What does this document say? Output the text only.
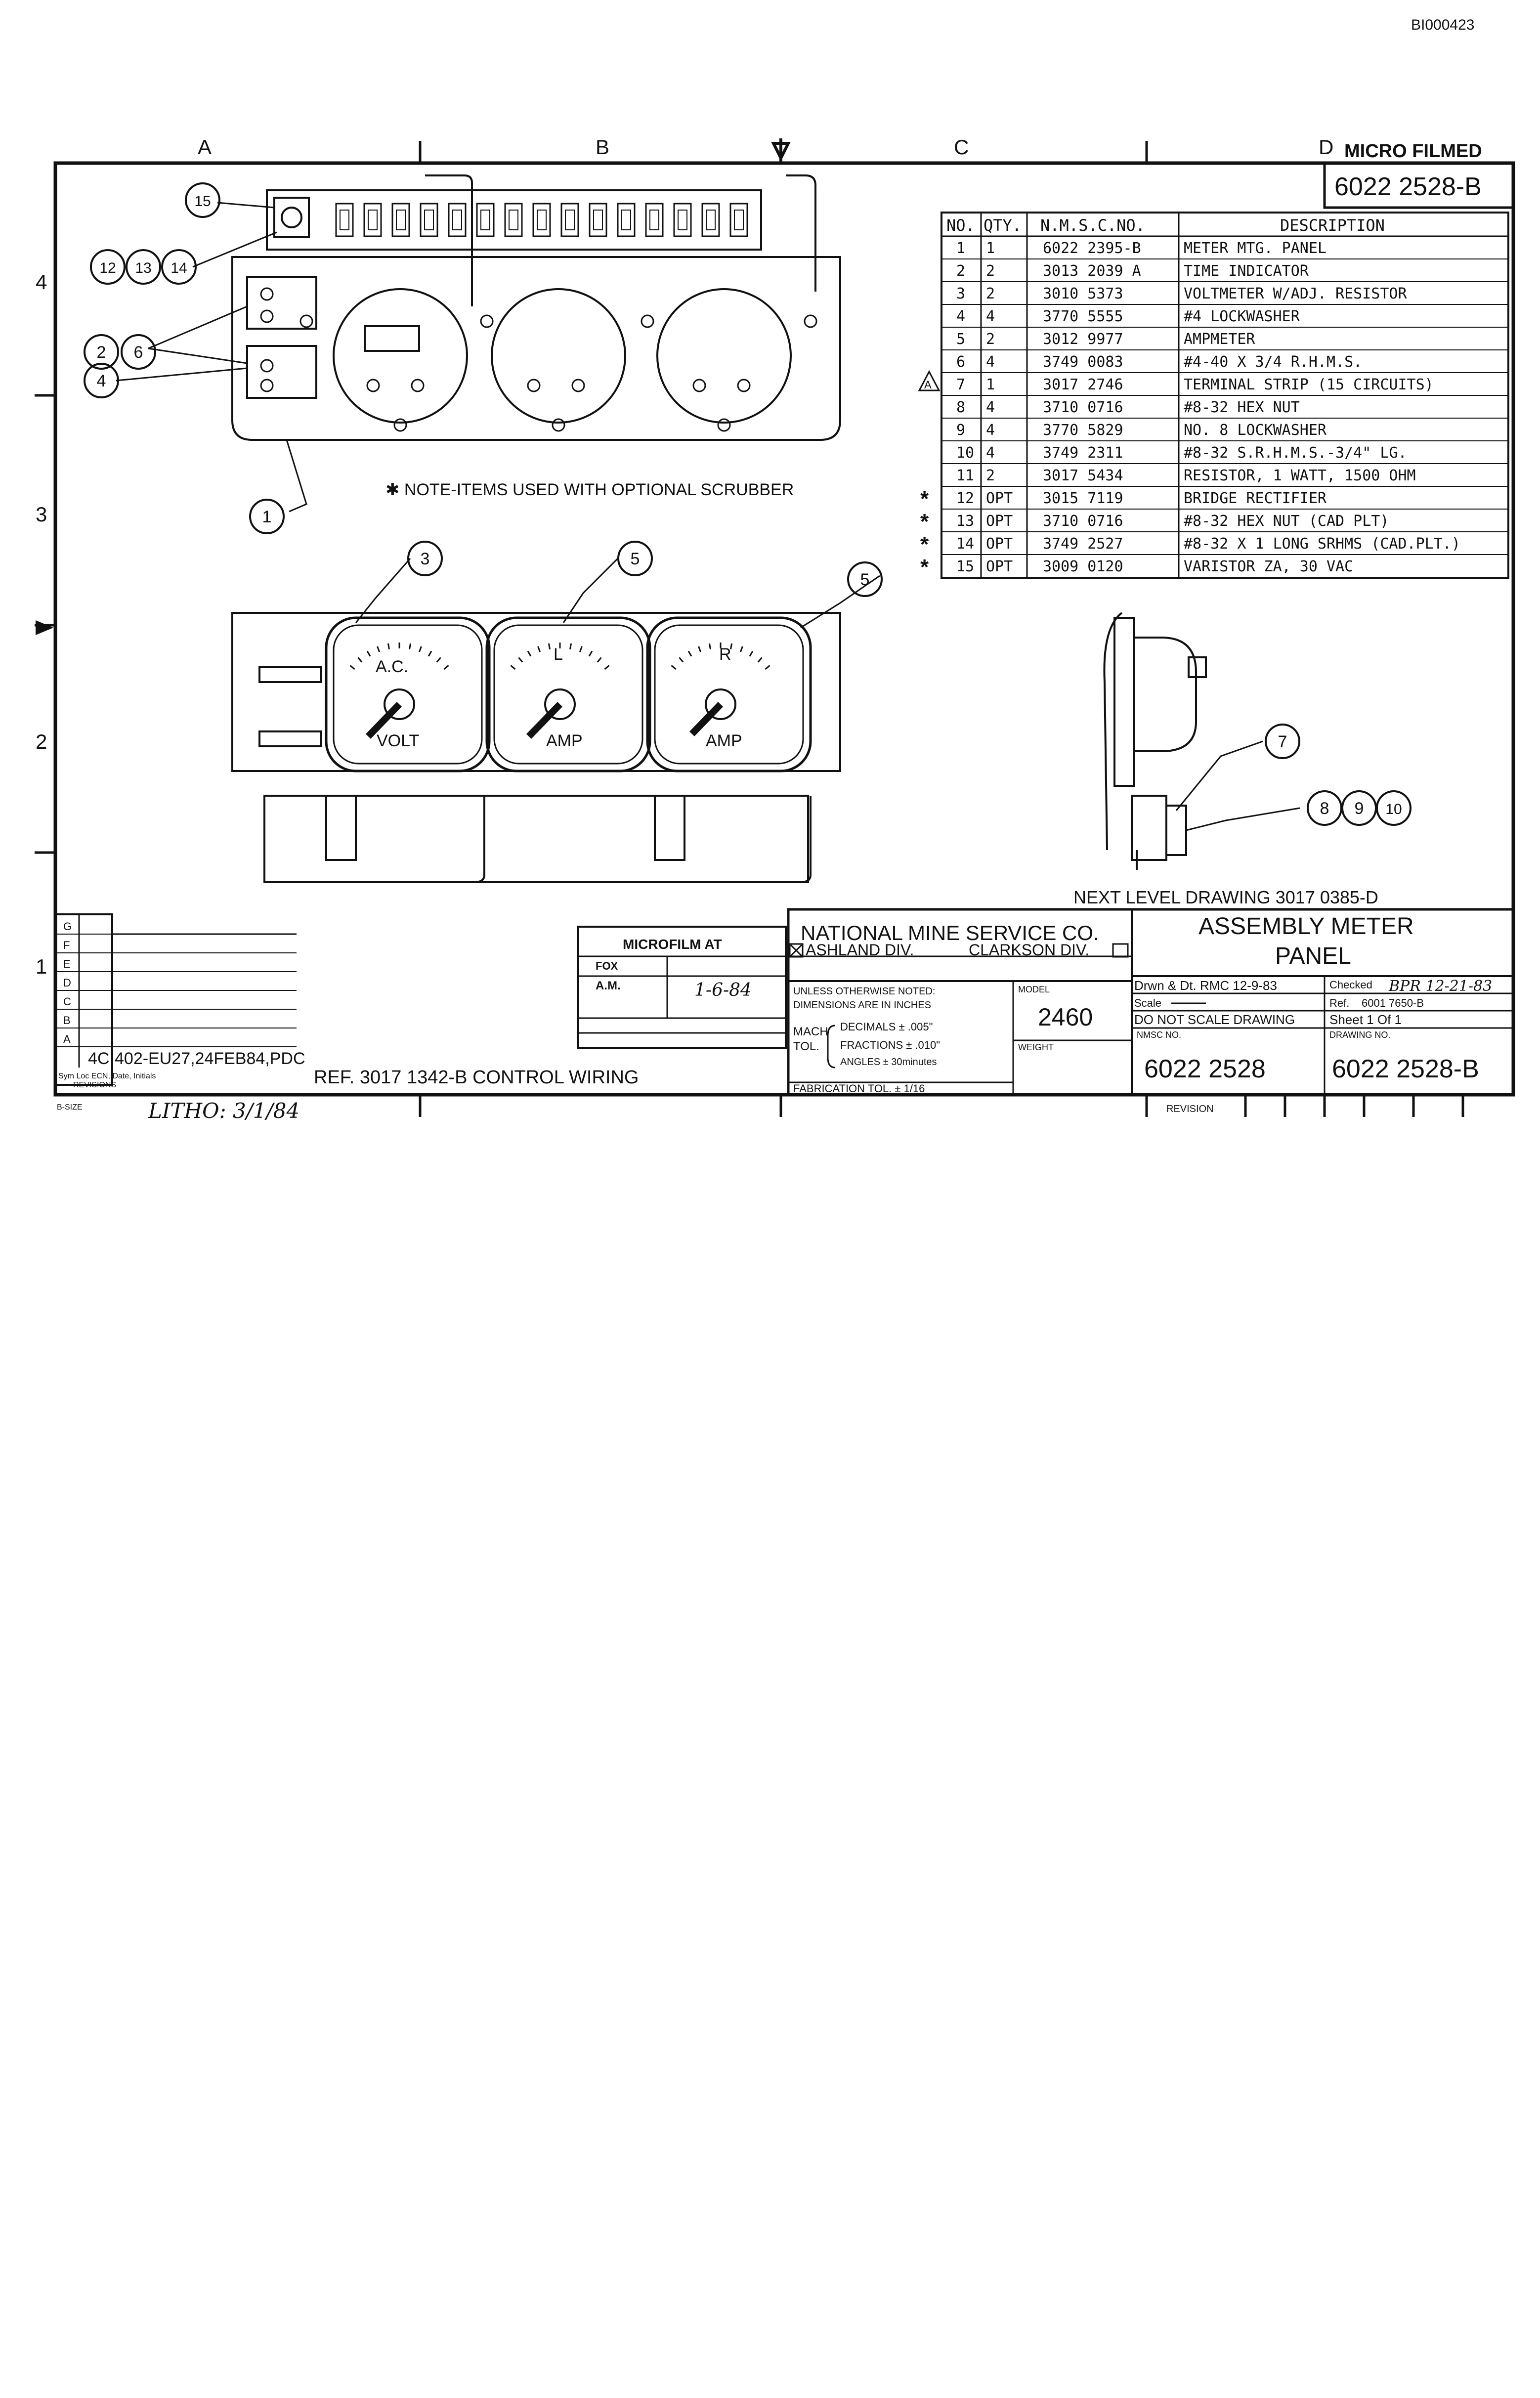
BI000423
A	B	C	D
4
3
2
1
MICRO FILMED
6022 2528-B
NO. QTY. N.M.S.C.NO.	DESCRIPTION
1 1	6022 2395-B	METER MTG. PANEL
2 2	3013 2039 A	TIME INDICATOR
3 2	3010 5373	VOLTMETER W/ADJ. RESISTOR
4 4	3770 5555	#4 LOCKWASHER
5 2	3012 9977	AMPMETER
6 4	3749 0083	#4-40 X 3/4 R.H.M.S.
7 1	3017 2746	TERMINAL STRIP (15 CIRCUITS)
A
8 4	3710 0716	#8-32 HEX NUT
9 4	3770 5829	NO. 8 LOCKWASHER
10 4	3749 2311	#8-32 S.R.H.M.S.-3/4" LG.
11 2	3017 5434	RESISTOR, 1 WATT, 1500 OHM
12 OPT 3015 7119	BRIDGE RECTIFIER
*
13 OPT 3710 0716	#8-32 HEX NUT (CAD PLT)
*
14 OPT 3749 2527	#8-32 X 1 LONG SRHMS (CAD.PLT.)
*
15 OPT 3009 0120	VARISTOR ZA, 30 VAC
*
A.C.
VOLT
L
AMP
R
AMP
1
2
3
4
5
5
6
7
8 9 10
12 13 14
15
✱ NOTE-ITEMS USED WITH OPTIONAL SCRUBBER
NEXT LEVEL DRAWING 3017 0385-D
G
F
E
D
C
B
A
4C 402-EU27,24FEB84,PDC
Sym Loc ECN, Date, Initials
REVISIONS	REF. 3017 1342-B CONTROL WIRING
MICROFILM AT
FOX
A.M.	1-6-84
NATIONAL MINE SERVICE CO.
ASHLAND DIV.	CLARKSON DIV.
ASSEMBLY METER
PANEL
UNLESS OTHERWISE NOTED:
DIMENSIONS ARE IN INCHES
MACH
TOL.
DECIMALS ± .005"
FRACTIONS ± .010"
ANGLES ± 30minutes
FABRICATION TOL. ± 1/16
MODEL
2460
WEIGHT
Drwn & Dt. RMC 12-9-83	Checked BPR 12-21-83
Scale	Ref. 6001 7650-B
DO NOT SCALE DRAWING	Sheet 1 Of 1
NMSC NO.
6022 2528
DRAWING NO.
6022 2528-B
B-SIZE	LITHO: 3/1/84	REVISION
